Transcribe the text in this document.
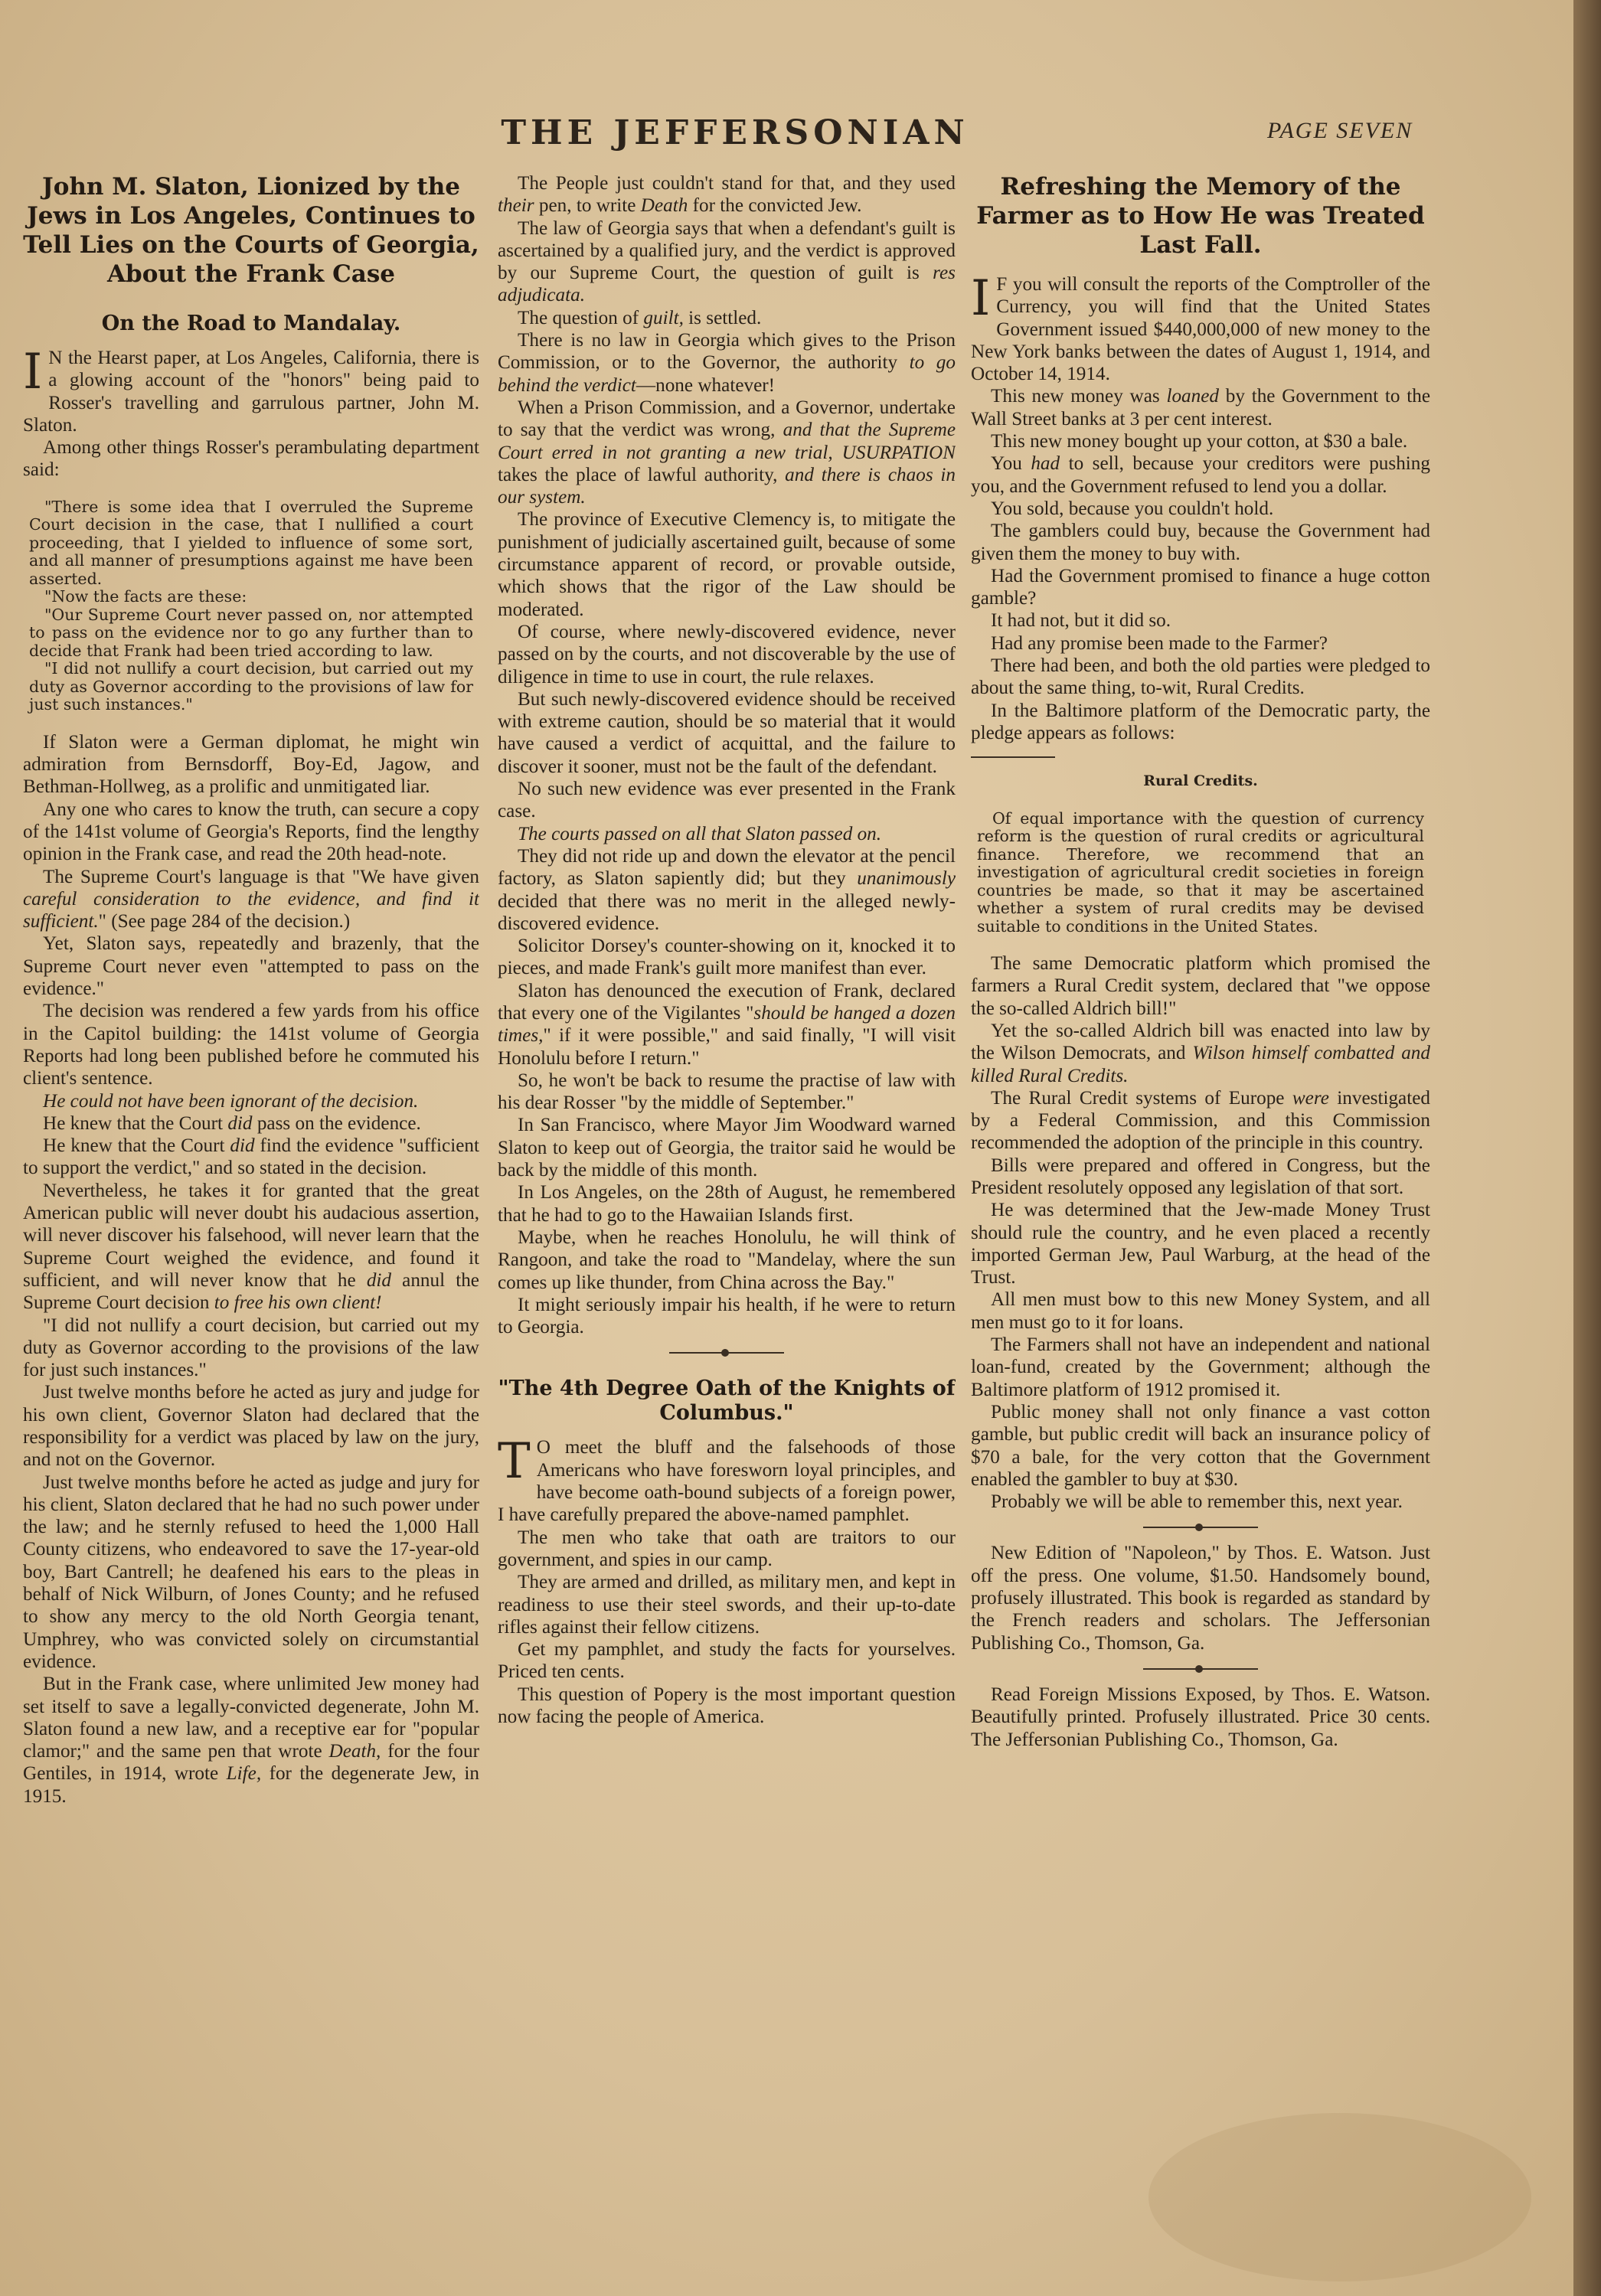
THE JEFFERSONIAN	PAGE SEVEN
John M. Slaton, Lionized by the Jews in Los Angeles, Continues to Tell Lies on the Courts of Georgia, About the Frank Case
On the Road to Mandalay.

I N the Hearst paper, at Los Angeles, California, there is a glowing account of the "honors" being paid to Rosser's travelling and garrulous partner, John M. Slaton.

Among other things Rosser's perambulating department said:

"There is some idea that I overruled the Supreme Court decision in the case, that I nullified a court proceeding, that I yielded to influence of some sort, and all manner of presumptions against me have been asserted.

"Now the facts are these:

"Our Supreme Court never passed on, nor attempted to pass on the evidence nor to go any further than to decide that Frank had been tried according to law.

"I did not nullify a court decision, but carried out my duty as Governor according to the provisions of law for just such instances."

If Slaton were a German diplomat, he might win admiration from Bernsdorff, Boy-Ed, Jagow, and Bethman-Hollweg, as a prolific and unmitigated liar.

Any one who cares to know the truth, can secure a copy of the 141st volume of Georgia's Reports, find the lengthy opinion in the Frank case, and read the 20th head-note.

The Supreme Court's language is that "We have given careful consideration to the evidence, and find it sufficient." (See page 284 of the decision.)

Yet, Slaton says, repeatedly and brazenly, that the Supreme Court never even "attempted to pass on the evidence."

The decision was rendered a few yards from his office in the Capitol building: the 141st volume of Georgia Reports had long been published before he commuted his client's sentence.

He could not have been ignorant of the decision.

He knew that the Court did pass on the evidence.

He knew that the Court did find the evidence "sufficient to support the verdict," and so stated in the decision.

Nevertheless, he takes it for granted that the great American public will never doubt his audacious assertion, will never discover his falsehood, will never learn that the Supreme Court weighed the evidence, and found it sufficient, and will never know that he did annul the Supreme Court decision to free his own client!

"I did not nullify a court decision, but carried out my duty as Governor according to the provisions of the law for just such instances."

Just twelve months before he acted as jury and judge for his own client, Governor Slaton had declared that the responsibility for a verdict was placed by law on the jury, and not on the Governor.

Just twelve months before he acted as judge and jury for his client, Slaton declared that he had no such power under the law; and he sternly refused to heed the 1,000 Hall County citizens, who endeavored to save the 17-year-old boy, Bart Cantrell; he deafened his ears to the pleas in behalf of Nick Wilburn, of Jones County; and he refused to show any mercy to the old North Georgia tenant, Umphrey, who was convicted solely on circumstantial evidence.

But in the Frank case, where unlimited Jew money had set itself to save a legally-convicted degenerate, John M. Slaton found a new law, and a receptive ear for "popular clamor;" and the same pen that wrote Death, for the four Gentiles, in 1914, wrote Life, for the degenerate Jew, in 1915.

The People just couldn't stand for that, and they used their pen, to write Death for the convicted Jew.

The law of Georgia says that when a defendant's guilt is ascertained by a qualified jury, and the verdict is approved by our Supreme Court, the question of guilt is res adjudicata.

The question of guilt, is settled.

There is no law in Georgia which gives to the Prison Commission, or to the Governor, the authority to go behind the verdict—none whatever!

When a Prison Commission, and a Governor, undertake to say that the verdict was wrong, and that the Supreme Court erred in not granting a new trial, USURPATION takes the place of lawful authority, and there is chaos in our system.

The province of Executive Clemency is, to mitigate the punishment of judicially ascertained guilt, because of some circumstance apparent of record, or provable outside, which shows that the rigor of the Law should be moderated.

Of course, where newly-discovered evidence, never passed on by the courts, and not discoverable by the use of diligence in time to use in court, the rule relaxes.

But such newly-discovered evidence should be received with extreme caution, should be so material that it would have caused a verdict of acquittal, and the failure to discover it sooner, must not be the fault of the defendant.

No such new evidence was ever presented in the Frank case.

The courts passed on all that Slaton passed on.

They did not ride up and down the elevator at the pencil factory, as Slaton sapiently did; but they unanimously decided that there was no merit in the alleged newly-discovered evidence.

Solicitor Dorsey's counter-showing on it, knocked it to pieces, and made Frank's guilt more manifest than ever.

Slaton has denounced the execution of Frank, declared that every one of the Vigilantes "should be hanged a dozen times," if it were possible," and said finally, "I will visit Honolulu before I return."

So, he won't be back to resume the practise of law with his dear Rosser "by the middle of September."

In San Francisco, where Mayor Jim Woodward warned Slaton to keep out of Georgia, the traitor said he would be back by the middle of this month.

In Los Angeles, on the 28th of August, he remembered that he had to go to the Hawaiian Islands first.

Maybe, when he reaches Honolulu, he will think of Rangoon, and take the road to "Mandelay, where the sun comes up like thunder, from China across the Bay."

It might seriously impair his health, if he were to return to Georgia.

"The 4th Degree Oath of the Knights of Columbus."

T O meet the bluff and the falsehoods of those Americans who have foresworn loyal principles, and have become oath-bound subjects of a foreign power, I have carefully prepared the above-named pamphlet.

The men who take that oath are traitors to our government, and spies in our camp.

They are armed and drilled, as military men, and kept in readiness to use their steel swords, and their up-to-date rifles against their fellow citizens.

Get my pamphlet, and study the facts for yourselves. Priced ten cents.

This question of Popery is the most important question now facing the people of America.

Refreshing the Memory of the Farmer as to How He was Treated Last Fall.

I F you will consult the reports of the Comptroller of the Currency, you will find that the United States Government issued $440,000,000 of new money to the New York banks between the dates of August 1, 1914, and October 14, 1914.

This new money was loaned by the Government to the Wall Street banks at 3 per cent interest.

This new money bought up your cotton, at $30 a bale.

You had to sell, because your creditors were pushing you, and the Government refused to lend you a dollar.

You sold, because you couldn't hold.

The gamblers could buy, because the Government had given them the money to buy with.

Had the Government promised to finance a huge cotton gamble?

It had not, but it did so.

Had any promise been made to the Farmer?

There had been, and both the old parties were pledged to about the same thing, to-wit, Rural Credits.

In the Baltimore platform of the Democratic party, the pledge appears as follows:

Rural Credits.

Of equal importance with the question of currency reform is the question of rural credits or agricultural finance. Therefore, we recommend that an investigation of agricultural credit societies in foreign countries be made, so that it may be ascertained whether a system of rural credits may be devised suitable to conditions in the United States.

The same Democratic platform which promised the farmers a Rural Credit system, declared that "we oppose the so-called Aldrich bill!"

Yet the so-called Aldrich bill was enacted into law by the Wilson Democrats, and Wilson himself combatted and killed Rural Credits.

The Rural Credit systems of Europe were investigated by a Federal Commission, and this Commission recommended the adoption of the principle in this country.

Bills were prepared and offered in Congress, but the President resolutely opposed any legislation of that sort.

He was determined that the Jew-made Money Trust should rule the country, and he even placed a recently imported German Jew, Paul Warburg, at the head of the Trust.

All men must bow to this new Money System, and all men must go to it for loans.

The Farmers shall not have an independent and national loan-fund, created by the Government; although the Baltimore platform of 1912 promised it.

Public money shall not only finance a vast cotton gamble, but public credit will back an insurance policy of $70 a bale, for the very cotton that the Government enabled the gambler to buy at $30.

Probably we will be able to remember this, next year.

New Edition of "Napoleon," by Thos. E. Watson. Just off the press. One volume, $1.50. Handsomely bound, profusely illustrated. This book is regarded as standard by the French readers and scholars. The Jeffersonian Publishing Co., Thomson, Ga.

Read Foreign Missions Exposed, by Thos. E. Watson. Beautifully printed. Profusely illustrated. Price 30 cents. The Jeffersonian Publishing Co., Thomson, Ga.
